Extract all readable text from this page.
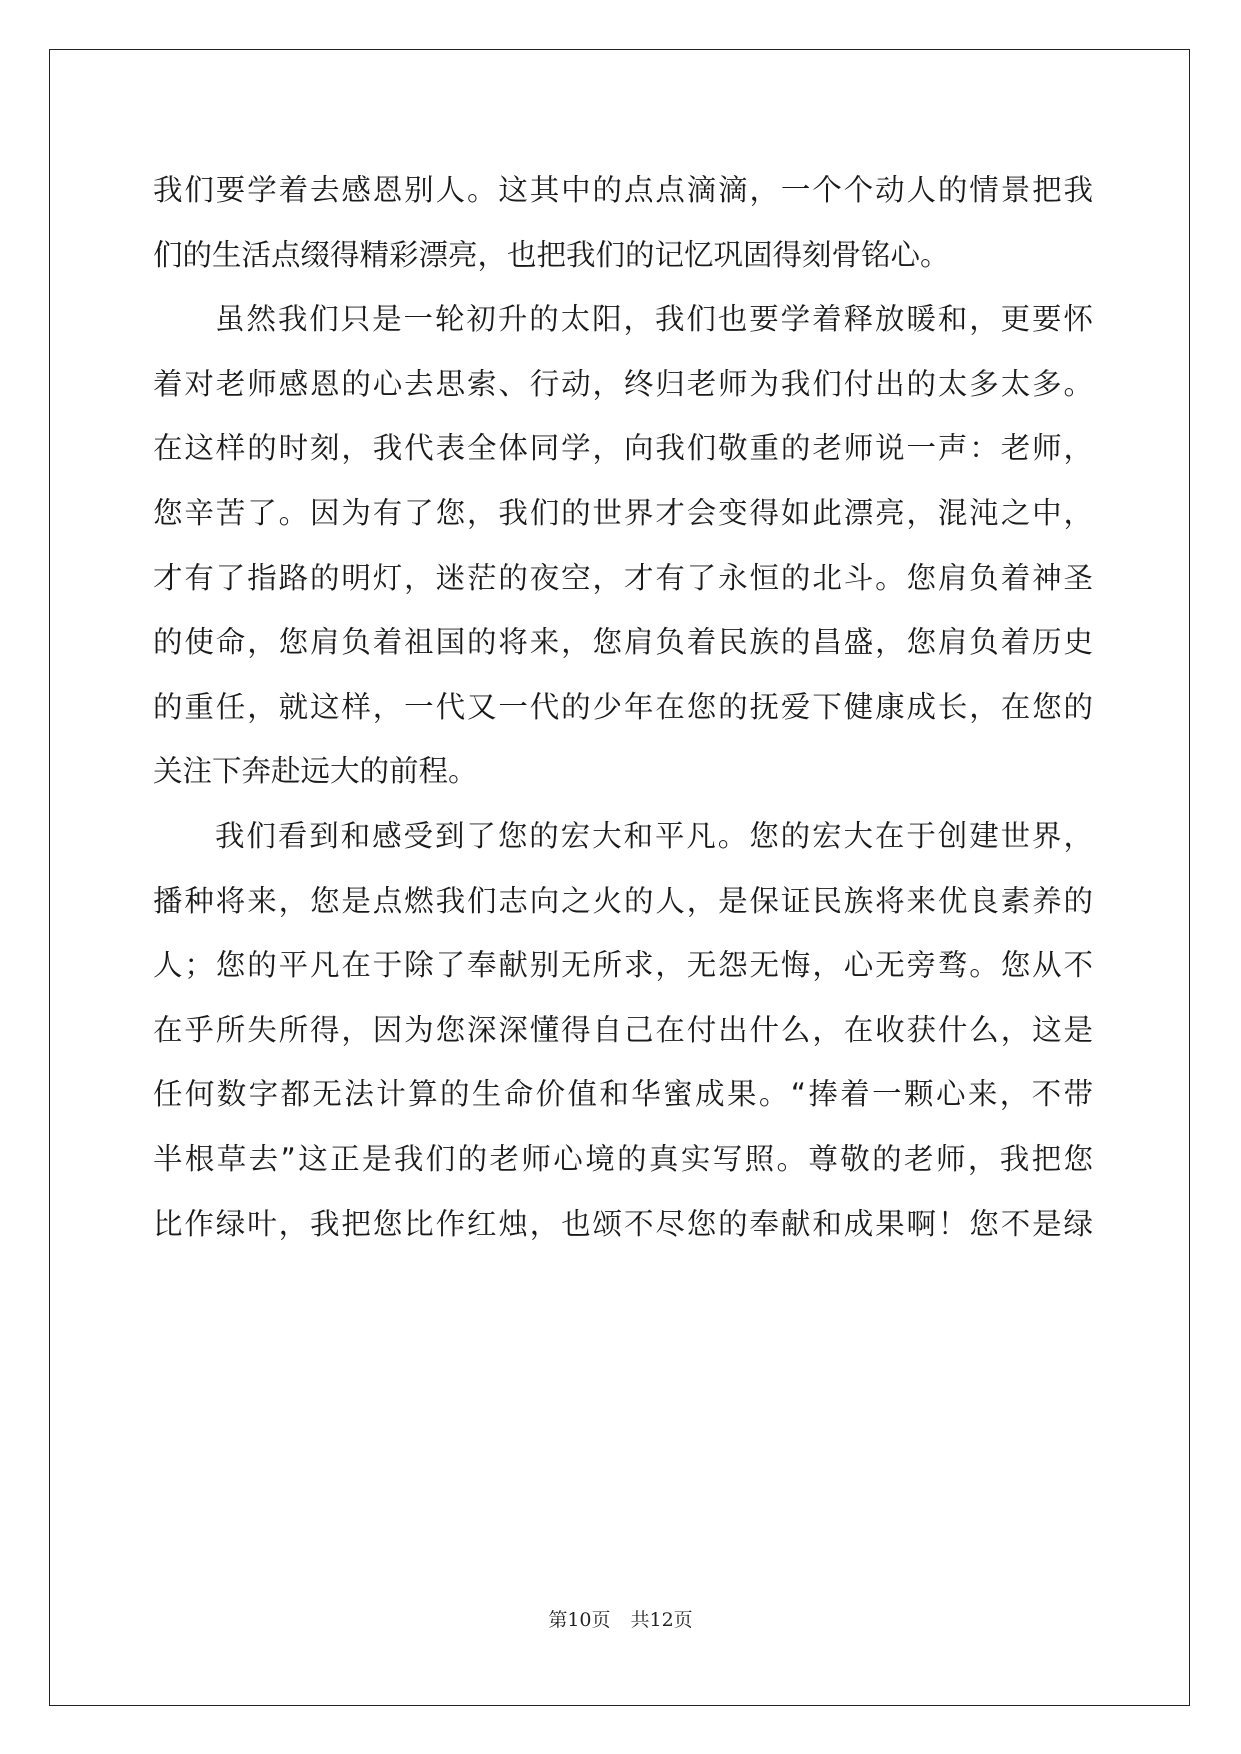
我们要学着去感恩别人。这其中的点点滴滴，一个个动人的情景把我
们的生活点缀得精彩漂亮，也把我们的记忆巩固得刻骨铭心。
虽然我们只是一轮初升的太阳，我们也要学着释放暖和，更要怀
着对老师感恩的心去思索、行动，终归老师为我们付出的太多太多。
在这样的时刻，我代表全体同学，向我们敬重的老师说一声：老师，
您辛苦了。因为有了您，我们的世界才会变得如此漂亮，混沌之中，
才有了指路的明灯，迷茫的夜空，才有了永恒的北斗。您肩负着神圣
的使命，您肩负着祖国的将来，您肩负着民族的昌盛，您肩负着历史
的重任，就这样，一代又一代的少年在您的抚爱下健康成长，在您的
关注下奔赴远大的前程。
我们看到和感受到了您的宏大和平凡。您的宏大在于创建世界，
播种将来，您是点燃我们志向之火的人，是保证民族将来优良素养的
人；您的平凡在于除了奉献别无所求，无怨无悔，心无旁骛。您从不
在乎所失所得，因为您深深懂得自己在付出什么，在收获什么，这是
任何数字都无法计算的生命价值和华蜜成果。“捧着一颗心来，不带
半根草去”这正是我们的老师心境的真实写照。尊敬的老师，我把您
比作绿叶，我把您比作红烛，也颂不尽您的奉献和成果啊！您不是绿
第10页 共12页
